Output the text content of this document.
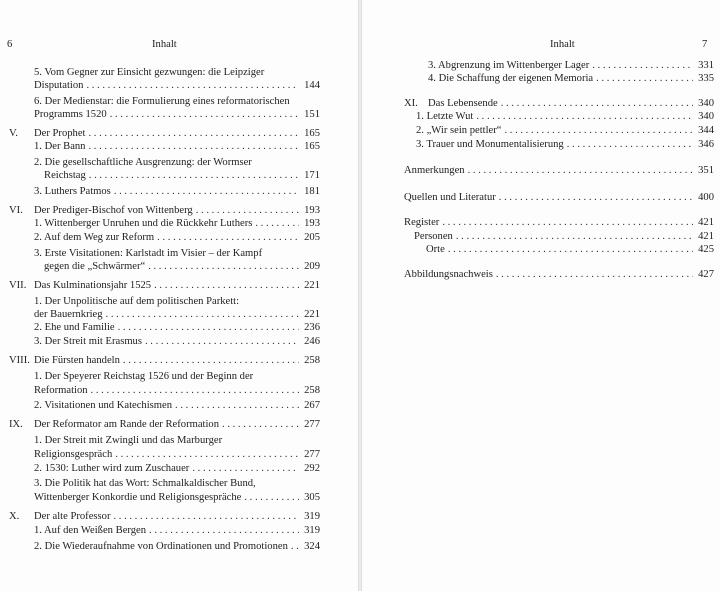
6	Inhalt
5. Vom Gegner zur Einsicht gezwungen: die Leipziger
Disputation . . .	144
6. Der Medienstar: die Formulierung eines reformatorischen
Programms 1520 . . .	151
V.	Der Prophet . . .	165
1. Der Bann . . .	165
2. Die gesellschaftliche Ausgrenzung: der Wormser
Reichstag . . .	171
3. Luthers Patmos . . .	181
VI.	Der Prediger-Bischof von Wittenberg . . .	193
1. Wittenberger Unruhen und die Rückkehr Luthers . . .	193
2. Auf dem Weg zur Reform . . .	205
3. Erste Visitationen: Karlstadt im Visier – der Kampf
gegen die „Schwärmer“ . . .	209
VII. Das Kulminationsjahr 1525 . . .	221
1. Der Unpolitische auf dem politischen Parkett:
der Bauernkrieg . . .	221
2. Ehe und Familie . . .	236
3. Der Streit mit Erasmus . . .	246
VIII. Die Fürsten handeln . . .	258
1. Der Speyerer Reichstag 1526 und der Beginn der
Reformation . . .	258
2. Visitationen und Katechismen . . .	267
IX.	Der Reformator am Rande der Reformation . . .	277
1. Der Streit mit Zwingli und das Marburger
Religionsgespräch . . .	277
2. 1530: Luther wird zum Zuschauer . . .	292
3. Die Politik hat das Wort: Schmalkaldischer Bund,
Wittenberger Konkordie und Religionsgespräche . . .	305
X.	Der alte Professor . . .	319
1. Auf den Weißen Bergen . . .	319
2. Die Wiederaufnahme von Ordinationen und Promotionen . . . 324
Inhalt	7
3. Abgrenzung im Wittenberger Lager . . .	331
4. Die Schaffung der eigenen Memoria . . .	335
XI. Das Lebensende . . .	340
1. Letzte Wut . . .	340
2. „Wir sein pettler“ . . .	344
3. Trauer und Monumentalisierung . . .	346
Anmerkungen . . .	351
Quellen und Literatur . . .	400
Register . . .	421
Personen . . .	421
Orte . . .	425
Abbildungsnachweis . . .	427
